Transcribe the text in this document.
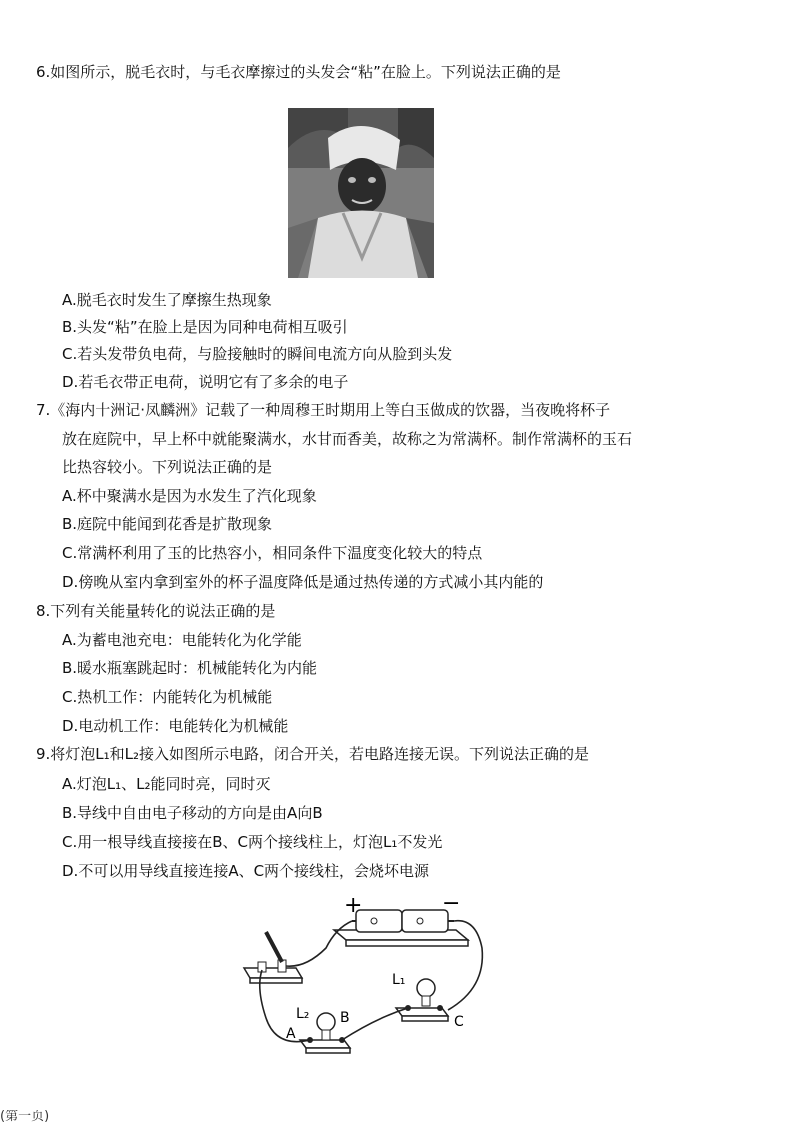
6.如图所示，脱毛衣时，与毛衣摩擦过的头发会“粘”在脸上。下列说法正确的是
A.脱毛衣时发生了摩擦生热现象
B.头发“粘”在脸上是因为同种电荷相互吸引
C.若头发带负电荷，与脸接触时的瞬间电流方向从脸到头发
D.若毛衣带正电荷，说明它有了多余的电子
7.《海内十洲记·凤麟洲》记载了一种周穆王时期用上等白玉做成的饮器，当夜晚将杯子
放在庭院中，早上杯中就能聚满水，水甘而香美，故称之为常满杯。制作常满杯的玉石
比热容较小。下列说法正确的是
A.杯中聚满水是因为水发生了汽化现象
B.庭院中能闻到花香是扩散现象
C.常满杯利用了玉的比热容小，相同条件下温度变化较大的特点
D.傍晚从室内拿到室外的杯子温度降低是通过热传递的方式减小其内能的
8.下列有关能量转化的说法正确的是
A.为蓄电池充电：电能转化为化学能
B.暖水瓶塞跳起时：机械能转化为内能
C.热机工作：内能转化为机械能
D.电动机工作：电能转化为机械能
9.将灯泡L₁和L₂接入如图所示电路，闭合开关，若电路连接无误。下列说法正确的是
A.灯泡L₁、L₂能同时亮，同时灭
B.导线中自由电子移动的方向是由A向B
C.用一根导线直接接在B、C两个接线柱上，灯泡L₁不发光
D.不可以用导线直接连接A、C两个接线柱，会烧坏电源
+	−
L₁
L₂
A
B	C
(第一页)
